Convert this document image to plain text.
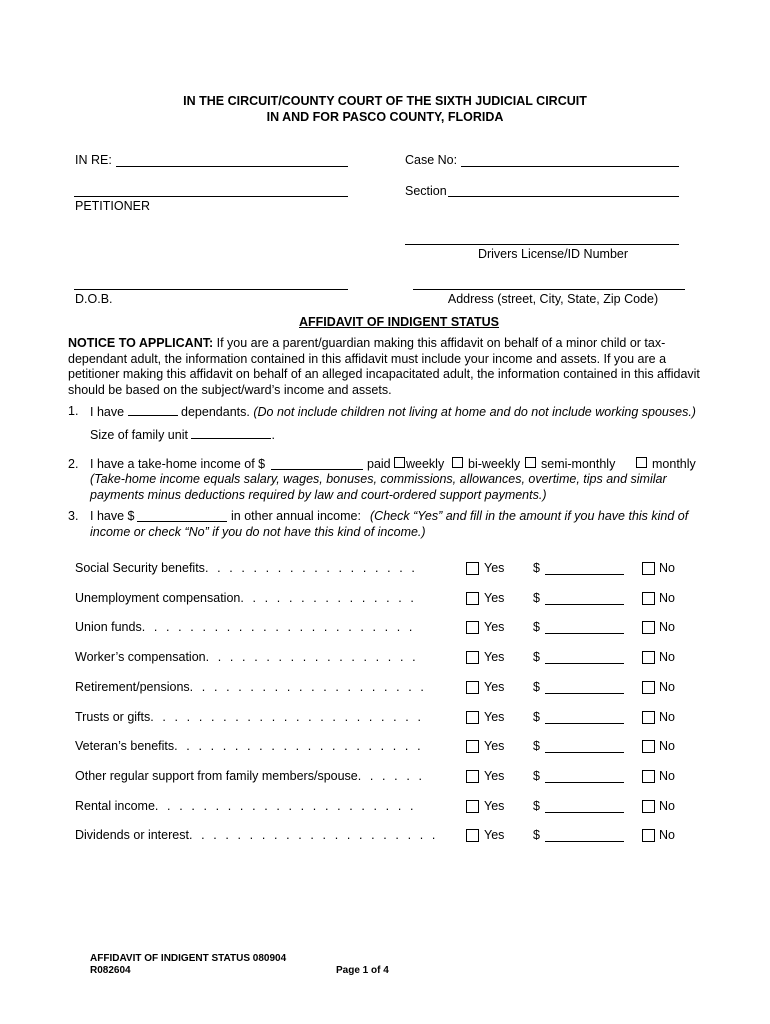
IN THE CIRCUIT/COUNTY COURT OF THE SIXTH JUDICIAL CIRCUIT
IN AND FOR PASCO COUNTY, FLORIDA
IN RE:	Case No:
Section
PETITIONER
Drivers License/ID Number
D.O.B.	Address (street, City, State, Zip Code)
AFFIDAVIT OF INDIGENT STATUS
NOTICE TO APPLICANT: If you are a parent/guardian making this affidavit on behalf of a minor child or tax-dependant adult, the information contained in this affidavit must include your income and assets. If you are a petitioner making this affidavit on behalf of an alleged incapacitated adult, the information contained in this affidavit should be based on the subject/ward’s income and assets.
1. I have	dependants. (Do not include children not living at home and do not include working spouses.)
Size of family unit	.
2. I have a take-home income of $	paid weekly bi-weekly semi-monthly	monthly
(Take-home income equals salary, wages, bonuses, commissions, allowances, overtime, tips and similar payments minus deductions required by law and court-ordered support payments.)
3. I have $	in other annual income: (Check “Yes” and fill in the amount if you have this kind of income or check “No” if you do not have this kind of income.)
Social Security benefits. . . . . . . . . . . . . . . . . .	Yes $	No
Unemployment compensation. . . . . . . . . . . . . . .	Yes $	No
Union funds. . . . . . . . . . . . . . . . . . . . . . .	Yes $	No
Worker’s compensation. . . . . . . . . . . . . . . . . .	Yes $	No
Retirement/pensions. . . . . . . . . . . . . . . . . . . .	Yes $	No
Trusts or gifts. . . . . . . . . . . . . . . . . . . . . . .	Yes $	No
Veteran’s benefits. . . . . . . . . . . . . . . . . . . . .	Yes $	No
Other regular support from family members/spouse. . . . . .	Yes $	No
Rental income. . . . . . . . . . . . . . . . . . . . . .	Yes $	No
Dividends or interest. . . . . . . . . . . . . . . . . . . . .	Yes $	No
AFFIDAVIT OF INDIGENT STATUS 080904
R082604	Page 1 of 4
